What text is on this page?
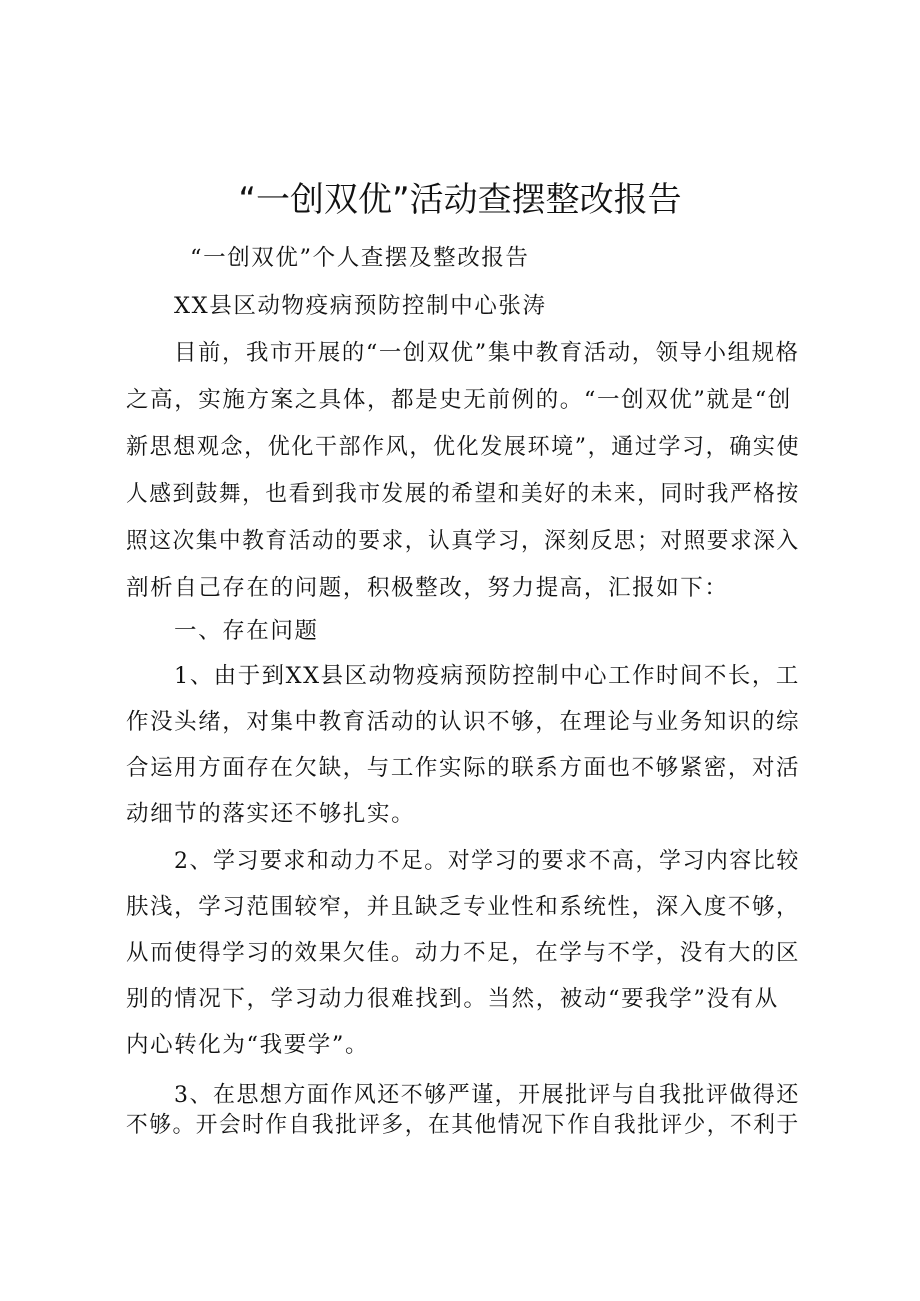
“一创双优”活动查摆整改报告
“一创双优”个人查摆及整改报告
XX县区动物疫病预防控制中心张涛
目前，我市开展的“一创双优”集中教育活动，领导小组规格
之高，实施方案之具体，都是史无前例的。“一创双优”就是“创
新思想观念，优化干部作风，优化发展环境”，通过学习，确实使
人感到鼓舞，也看到我市发展的希望和美好的未来，同时我严格按
照这次集中教育活动的要求，认真学习，深刻反思；对照要求深入
剖析自己存在的问题，积极整改，努力提高，汇报如下：
一、存在问题
1、由于到XX县区动物疫病预防控制中心工作时间不长，工
作没头绪，对集中教育活动的认识不够，在理论与业务知识的综
合运用方面存在欠缺，与工作实际的联系方面也不够紧密，对活
动细节的落实还不够扎实。
2、学习要求和动力不足。对学习的要求不高，学习内容比较
肤浅，学习范围较窄，并且缺乏专业性和系统性，深入度不够，
从而使得学习的效果欠佳。动力不足，在学与不学，没有大的区
别的情况下，学习动力很难找到。当然，被动“要我学”没有从
内心转化为“我要学”。
3、在思想方面作风还不够严谨，开展批评与自我批评做得还
不够。开会时作自我批评多，在其他情况下作自我批评少，不利于
